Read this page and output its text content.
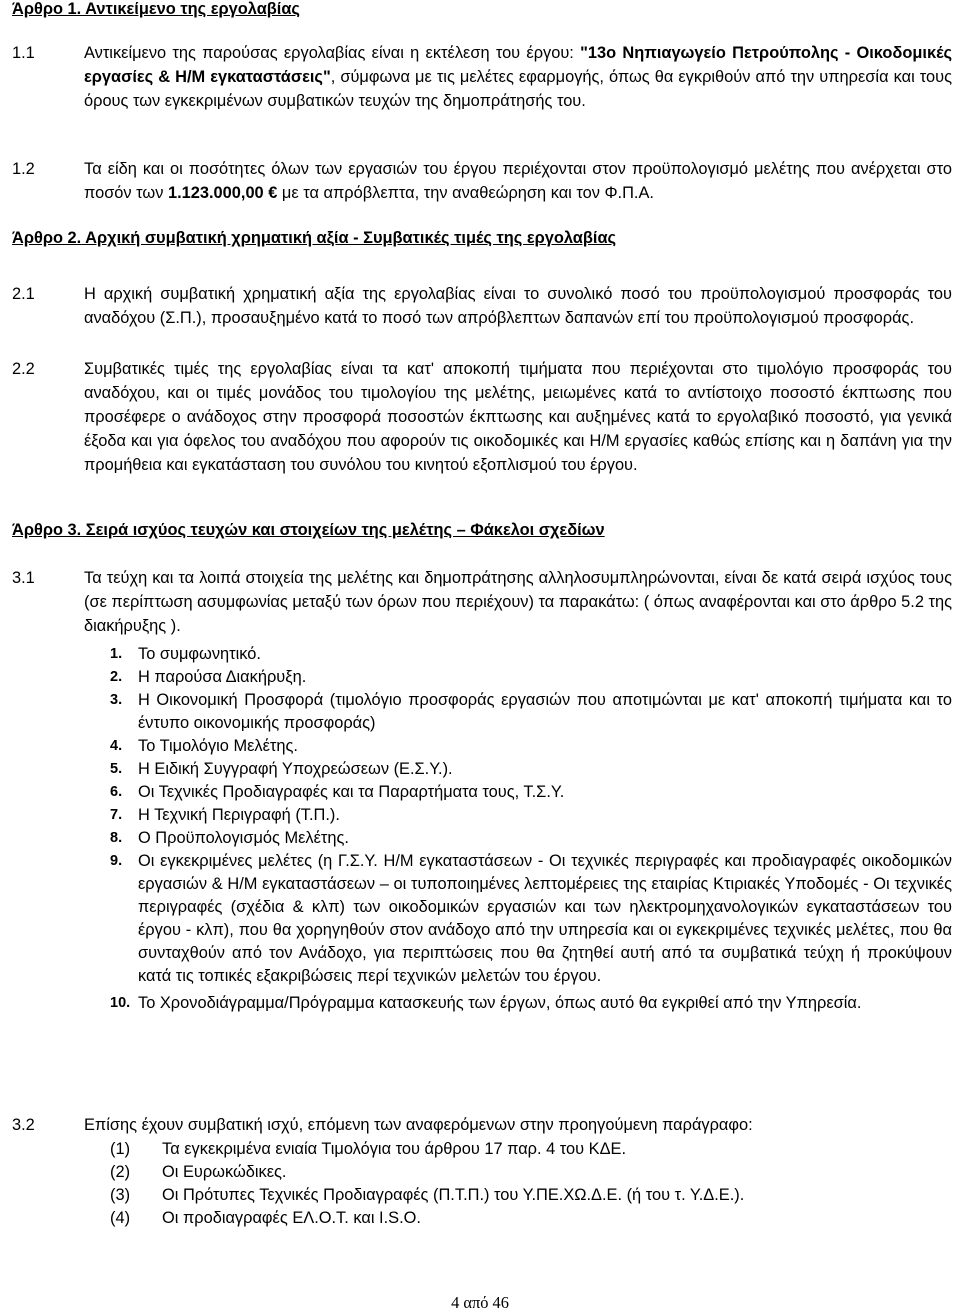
Άρθρο 1. Αντικείμενο της εργολαβίας
1.1	Αντικείμενο της παρούσας εργολαβίας είναι η εκτέλεση του έργου: "13ο Νηπιαγωγείο Πετρούπολης - Οικοδομικές εργασίες & Η/Μ εγκαταστάσεις", σύμφωνα με τις μελέτες εφαρμογής, όπως θα εγκριθούν από την υπηρεσία και τους όρους των εγκεκριμένων συμβατικών τευχών της δημοπράτησής του.
1.2	Τα είδη και οι ποσότητες όλων των εργασιών του έργου περιέχονται στον προϋπολογισμό μελέτης που ανέρχεται στο ποσόν των 1.123.000,00 € με τα απρόβλεπτα, την αναθεώρηση και τον Φ.Π.Α.
Άρθρο 2. Αρχική συμβατική χρηματική αξία - Συμβατικές τιμές της εργολαβίας
2.1	Η αρχική συμβατική χρηματική αξία της εργολαβίας είναι το συνολικό ποσό του προϋπολογισμού προσφοράς του αναδόχου (Σ.Π.), προσαυξημένο κατά το ποσό των απρόβλεπτων δαπανών επί του προϋπολογισμού προσφοράς.
2.2	Συμβατικές τιμές της εργολαβίας είναι τα κατ' αποκοπή τιμήματα που περιέχονται στο τιμολόγιο προσφοράς του αναδόχου, και οι τιμές μονάδος του τιμολογίου της μελέτης, μειωμένες κατά το αντίστοιχο ποσοστό έκπτωσης που προσέφερε ο ανάδοχος στην προσφορά ποσοστών έκπτωσης και αυξημένες κατά το εργολαβικό ποσοστό, για γενικά έξοδα και για όφελος του αναδόχου που αφορούν τις οικοδομικές και Η/Μ εργασίες καθώς επίσης και η δαπάνη για την προμήθεια και εγκατάσταση του συνόλου του κινητού εξοπλισμού του έργου.
Άρθρο 3. Σειρά ισχύος τευχών και στοιχείων της μελέτης – Φάκελοι σχεδίων
3.1	Τα τεύχη και τα λοιπά στοιχεία της μελέτης και δημοπράτησης αλληλοσυμπληρώνονται, είναι δε κατά σειρά ισχύος τους (σε περίπτωση ασυμφωνίας μεταξύ των όρων που περιέχουν) τα παρακάτω: ( όπως αναφέρονται και στο άρθρο 5.2 της διακήρυξης ).
1. Το συμφωνητικό.
2. Η παρούσα Διακήρυξη.
3. Η Οικονομική Προσφορά (τιμολόγιο προσφοράς εργασιών που αποτιμώνται με κατ' αποκοπή τιμήματα και το έντυπο οικονομικής προσφοράς)
4. Το Τιμολόγιο Μελέτης.
5. Η Ειδική Συγγραφή Υποχρεώσεων (Ε.Σ.Υ.).
6. Οι Τεχνικές Προδιαγραφές και τα Παραρτήματα τους, Τ.Σ.Υ.
7. Η Τεχνική Περιγραφή (Τ.Π.).
8. Ο Προϋπολογισμός Μελέτης.
9. Οι εγκεκριμένες μελέτες (η Γ.Σ.Υ. Η/Μ εγκαταστάσεων - Οι τεχνικές περιγραφές και προδιαγραφές οικοδομικών εργασιών & Η/Μ εγκαταστάσεων – οι τυποποιημένες λεπτομέρειες της εταιρίας Κτιριακές Υποδομές - Οι τεχνικές περιγραφές (σχέδια & κλπ) των οικοδομικών εργασιών και των ηλεκτρομηχανολογικών εγκαταστάσεων του έργου - κλπ), που θα χορηγηθούν στον ανάδοχο από την υπηρεσία και οι εγκεκριμένες τεχνικές μελέτες, που θα συνταχθούν από τον Ανάδοχο, για περιπτώσεις που θα ζητηθεί αυτή από τα συμβατικά τεύχη ή προκύψουν κατά τις τοπικές εξακριβώσεις περί τεχνικών μελετών του έργου.
10. Το Χρονοδιάγραμμα/Πρόγραμμα κατασκευής των έργων, όπως αυτό θα εγκριθεί από την Υπηρεσία.
3.2	Επίσης έχουν συμβατική ισχύ, επόμενη των αναφερόμενων στην προηγούμενη παράγραφο:
(1) Τα εγκεκριμένα ενιαία Τιμολόγια του άρθρου 17 παρ. 4 του ΚΔΕ.
(2) Οι Ευρωκώδικες.
(3) Οι Πρότυπες Τεχνικές Προδιαγραφές (Π.Τ.Π.) του Υ.ΠΕ.ΧΩ.Δ.Ε. (ή του τ. Υ.Δ.Ε.).
(4) Οι προδιαγραφές ΕΛ.Ο.Τ. και I.S.O.
4 από 46
